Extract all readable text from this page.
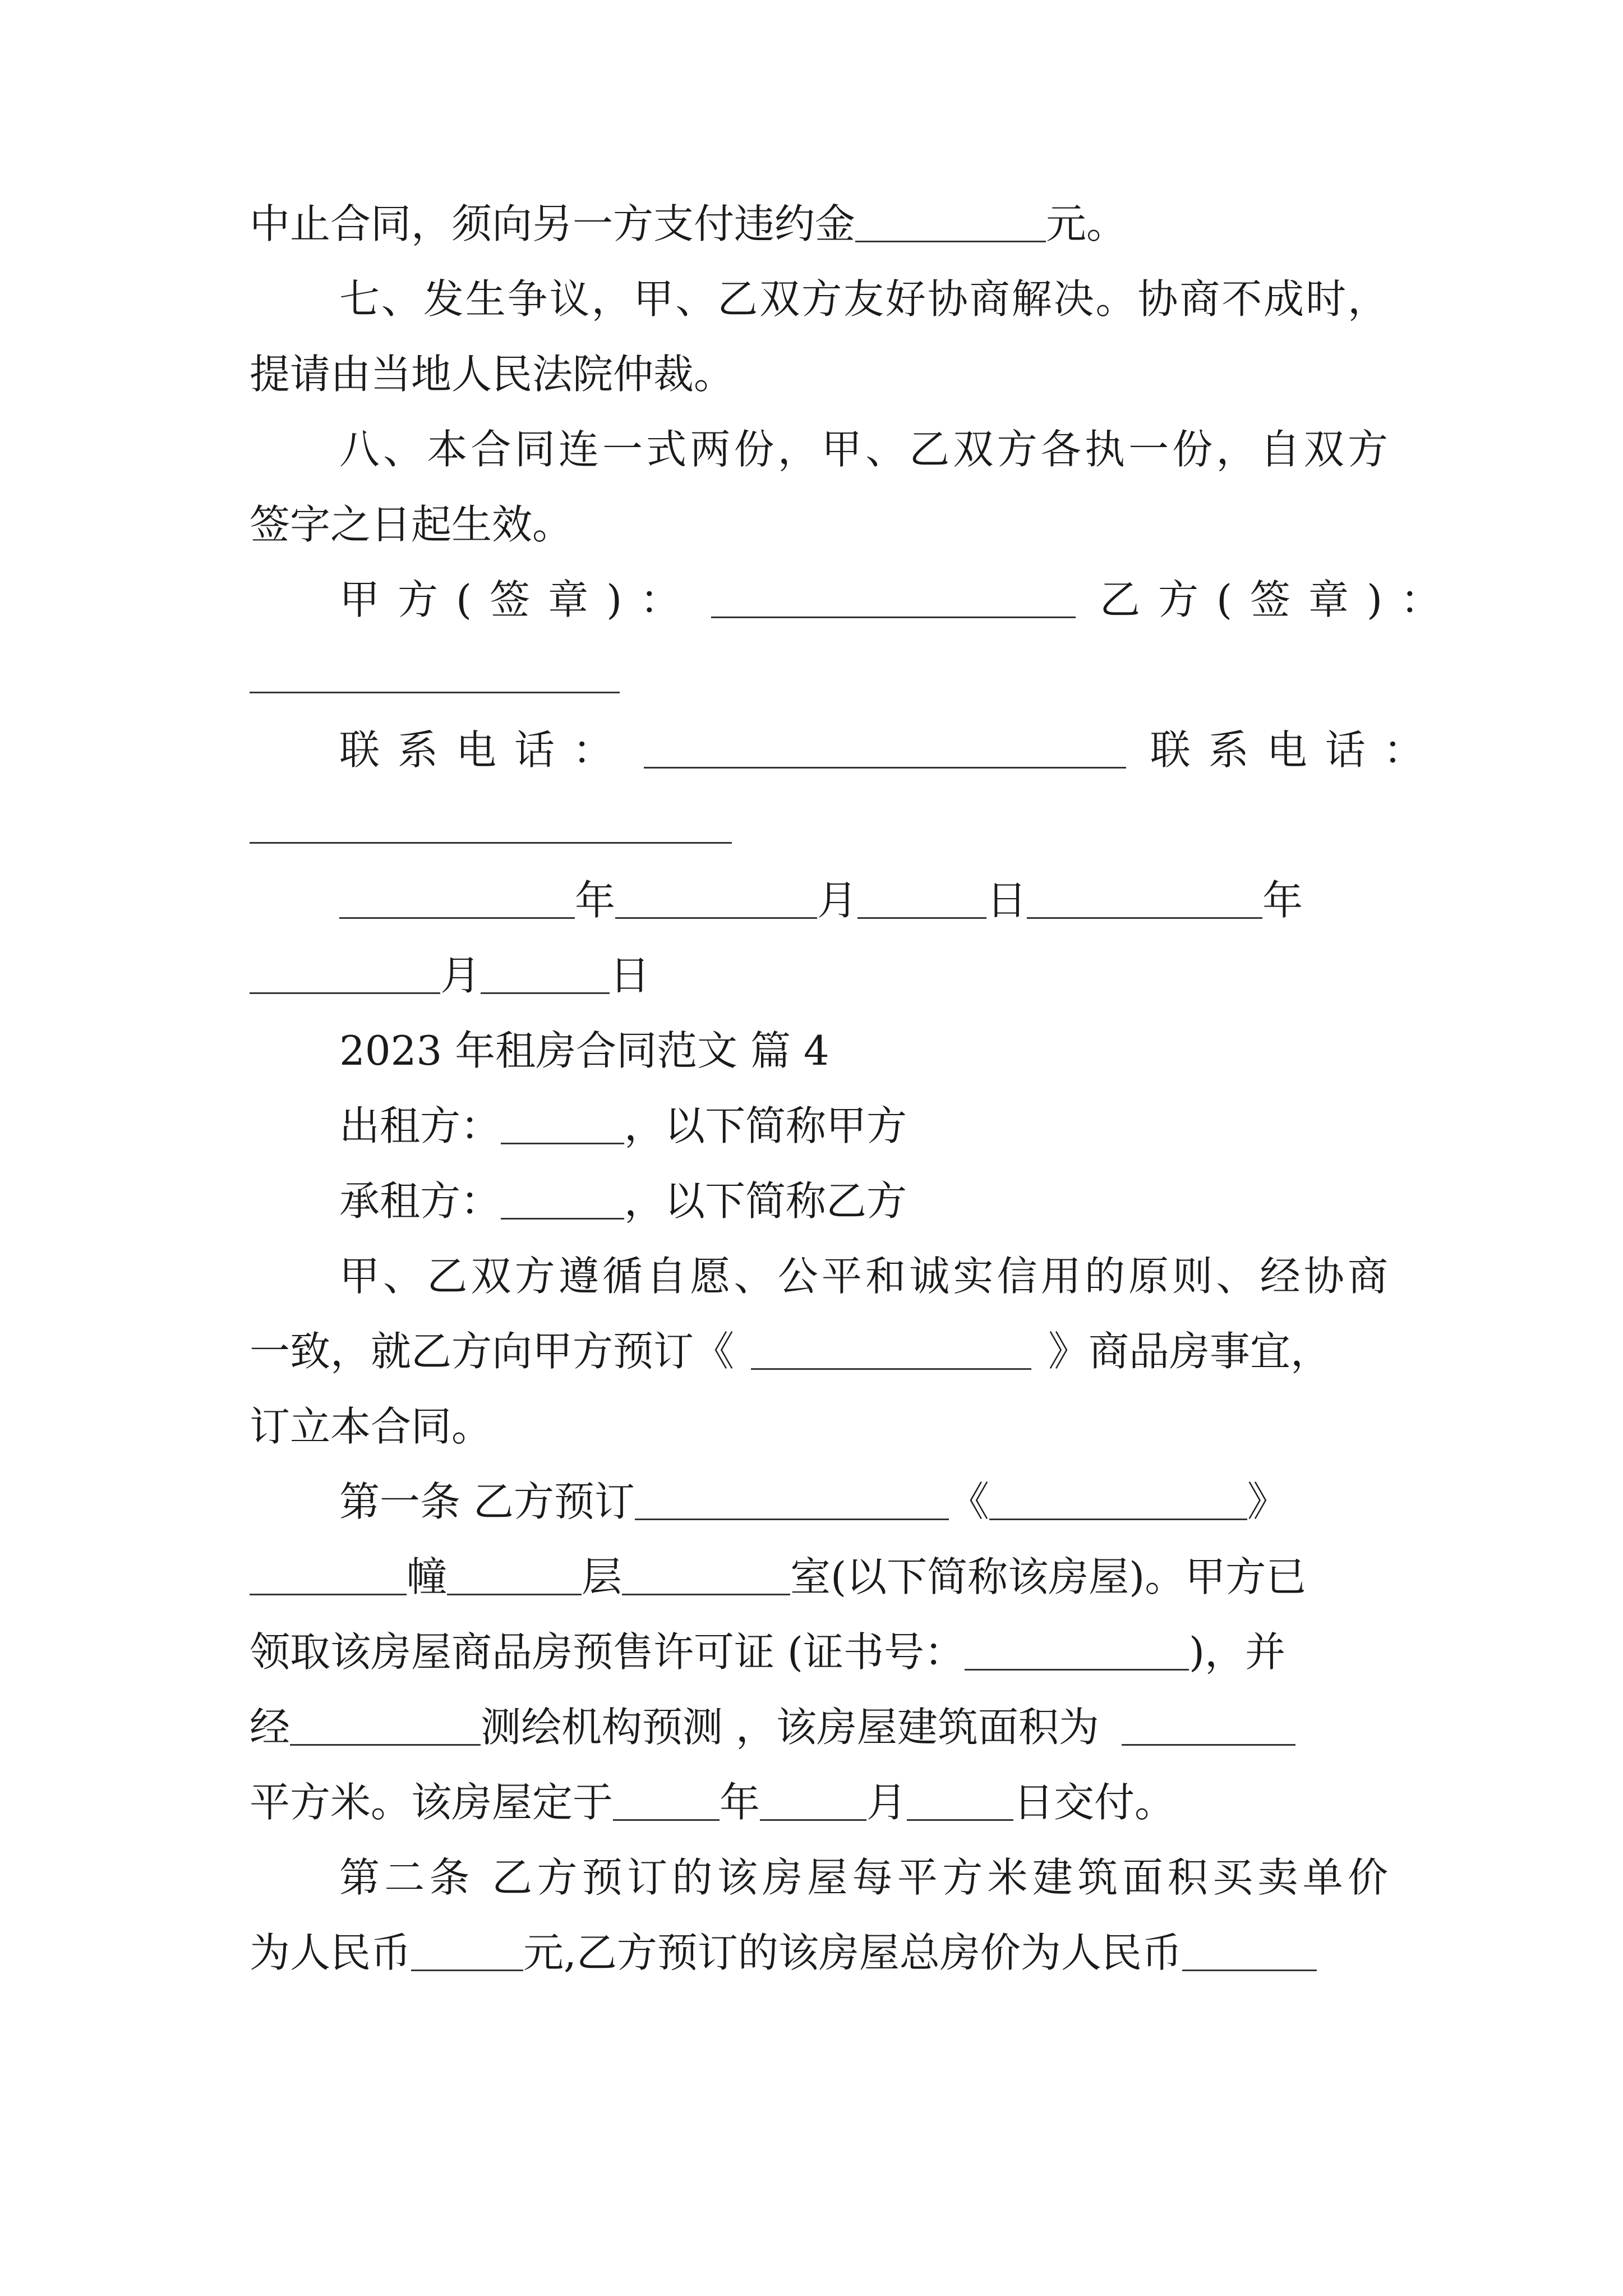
中止合同，须向另一方支付违约金	元。
七、发生争议，甲、乙双方友好协商解决。协商不成时，
提请由当地人民法院仲裁。
八、本合同连一式两份，甲、乙双方各执一份，自双方
签字之日起生效。
甲方(签章)：	乙方(签章)：
联系电话：	联系电话：
年	月	日	年
月	日
2023 年租房合同范文 篇 4
出租方：	，以下简称甲方
承租方：	，以下简称乙方
甲、乙双方遵循自愿、公平和诚实信用的原则、经协商
一致，就乙方向甲方预订《	》商品房事宜，
订立本合同。
第一条 乙方预订	《	》
幢	层	室(以下简称该房屋)。甲方已
领取该房屋商品房预售许可证 (证书号：	)，并
经	测绘机构预测 ，该房屋建筑面积为
平方米。该房屋定于	年	月	日交付。
第二条 乙方预订的该房屋每平方米建筑面积买卖单价
为人民币	元,乙方预订的该房屋总房价为人民币
